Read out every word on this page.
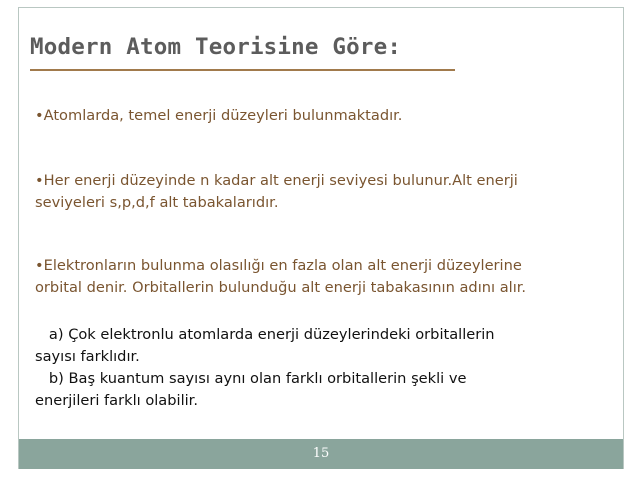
Modern Atom Teorisine Göre:
•Atomlarda, temel enerji düzeyleri bulunmaktadır.
•Her enerji düzeyinde n kadar alt enerji seviyesi bulunur.Alt enerji
seviyeleri s,p,d,f alt tabakalarıdır.
•Elektronların bulunma olasılığı en fazla olan alt enerji düzeylerine
orbital denir. Orbitallerin bulunduğu alt enerji tabakasının adını alır.
a) Çok elektronlu atomlarda enerji düzeylerindeki orbitallerin
sayısı farklıdır.
b) Baş kuantum sayısı aynı olan farklı orbitallerin şekli ve
enerjileri farklı olabilir.
15
